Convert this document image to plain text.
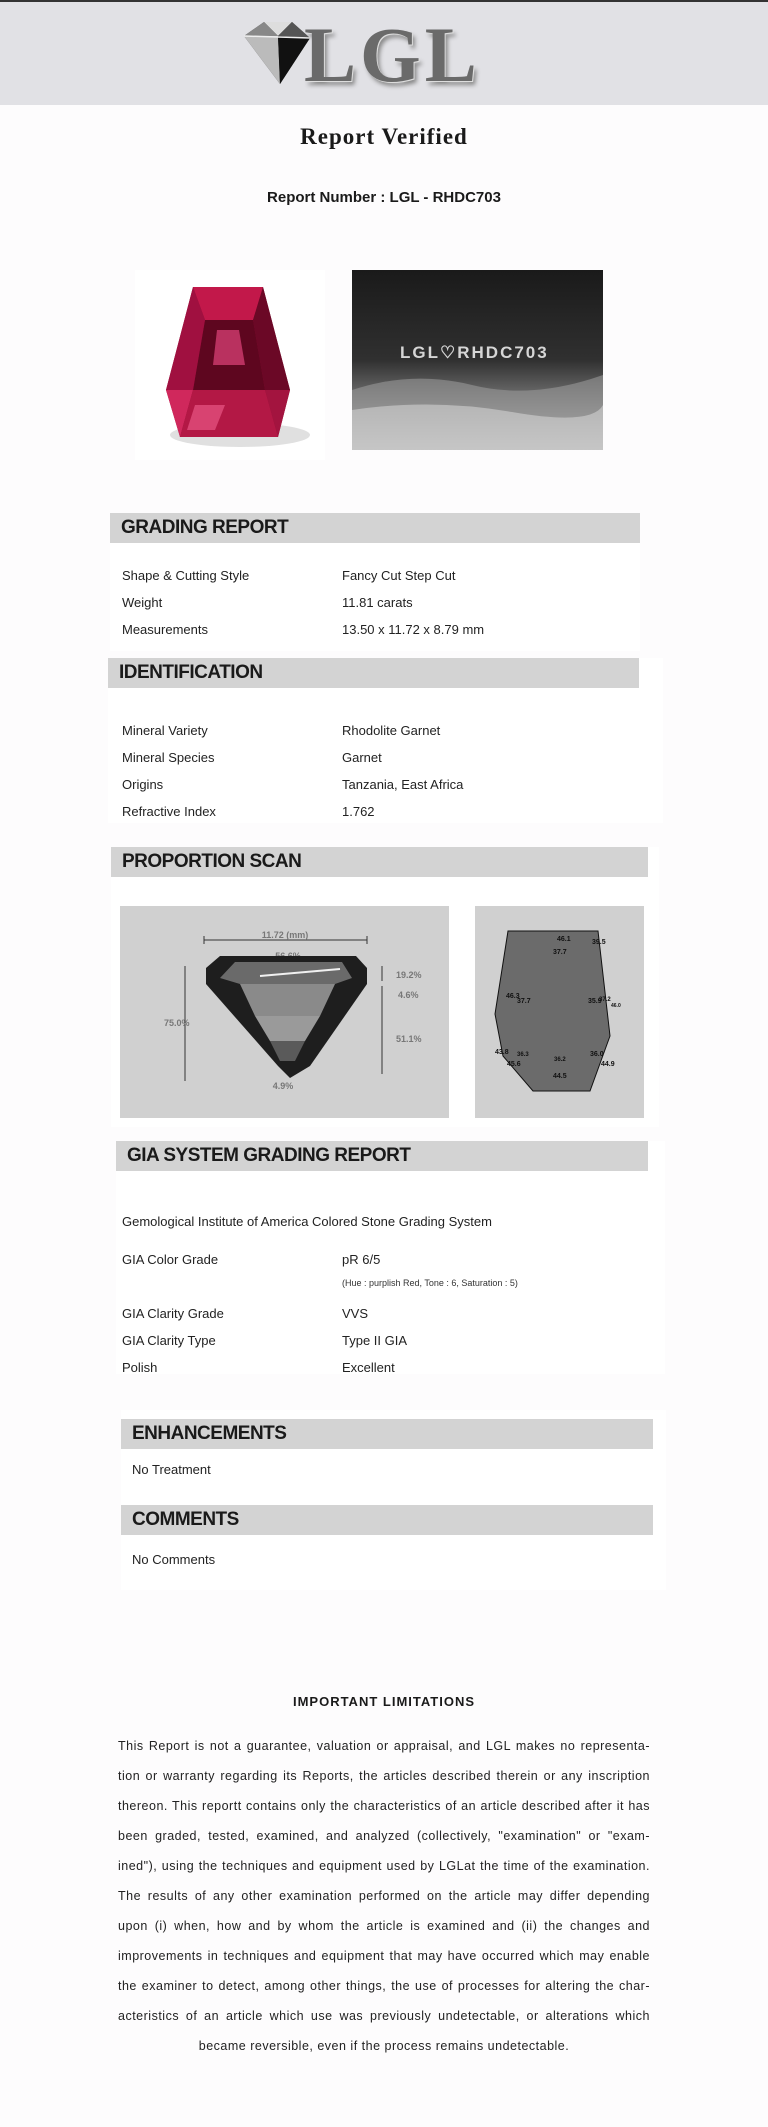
LGL
Report Verified
Report Number : LGL - RHDC703
LGL♡RHDC703
GRADING REPORT
Shape & Cutting Style	Fancy Cut Step Cut
Weight	11.81 carats
Measurements	13.50 x 11.72 x 8.79 mm
IDENTIFICATION
Mineral Variety	Rhodolite Garnet
Mineral Species	Garnet
Origins	Tanzania, East Africa
Refractive Index	1.762
PROPORTION SCAN
11.72 (mm)
75.0%
19.2%
4.6%
51.1%
4.9%
46.1	39.5
37.7
46.3
37.7	35.9
37.2
46.0
43.8 36.3
36.2
36.0
45.6
44.5
44.9
GIA SYSTEM GRADING REPORT
Gemological Institute of America Colored Stone Grading System
GIA Color Grade	pR 6/5
(Hue : purplish Red, Tone : 6, Saturation : 5)
GIA Clarity Grade	VVS
GIA Clarity Type	Type II GIA
Polish	Excellent
ENHANCEMENTS
No Treatment
COMMENTS
No Comments
IMPORTANT LIMITATIONS
This Report is not a guarantee, valuation or appraisal, and LGL makes no representa-tion or warranty regarding its Reports, the articles described therein or any inscription thereon. This reportt contains only the characteristics of an article described after it has been graded, tested, examined, and analyzed (collectively, "examination" or "exam-ined"), using the techniques and equipment used by LGLat the time of the examination. The results of any other examination performed on the article may differ depending upon (i) when, how and by whom the article is examined and (ii) the changes and improvements in techniques and equipment that may have occurred which may enable the examiner to detect, among other things, the use of processes for altering the char-acteristics of an article which use was previously undetectable, or alterations which became reversible, even if the process remains undetectable.
